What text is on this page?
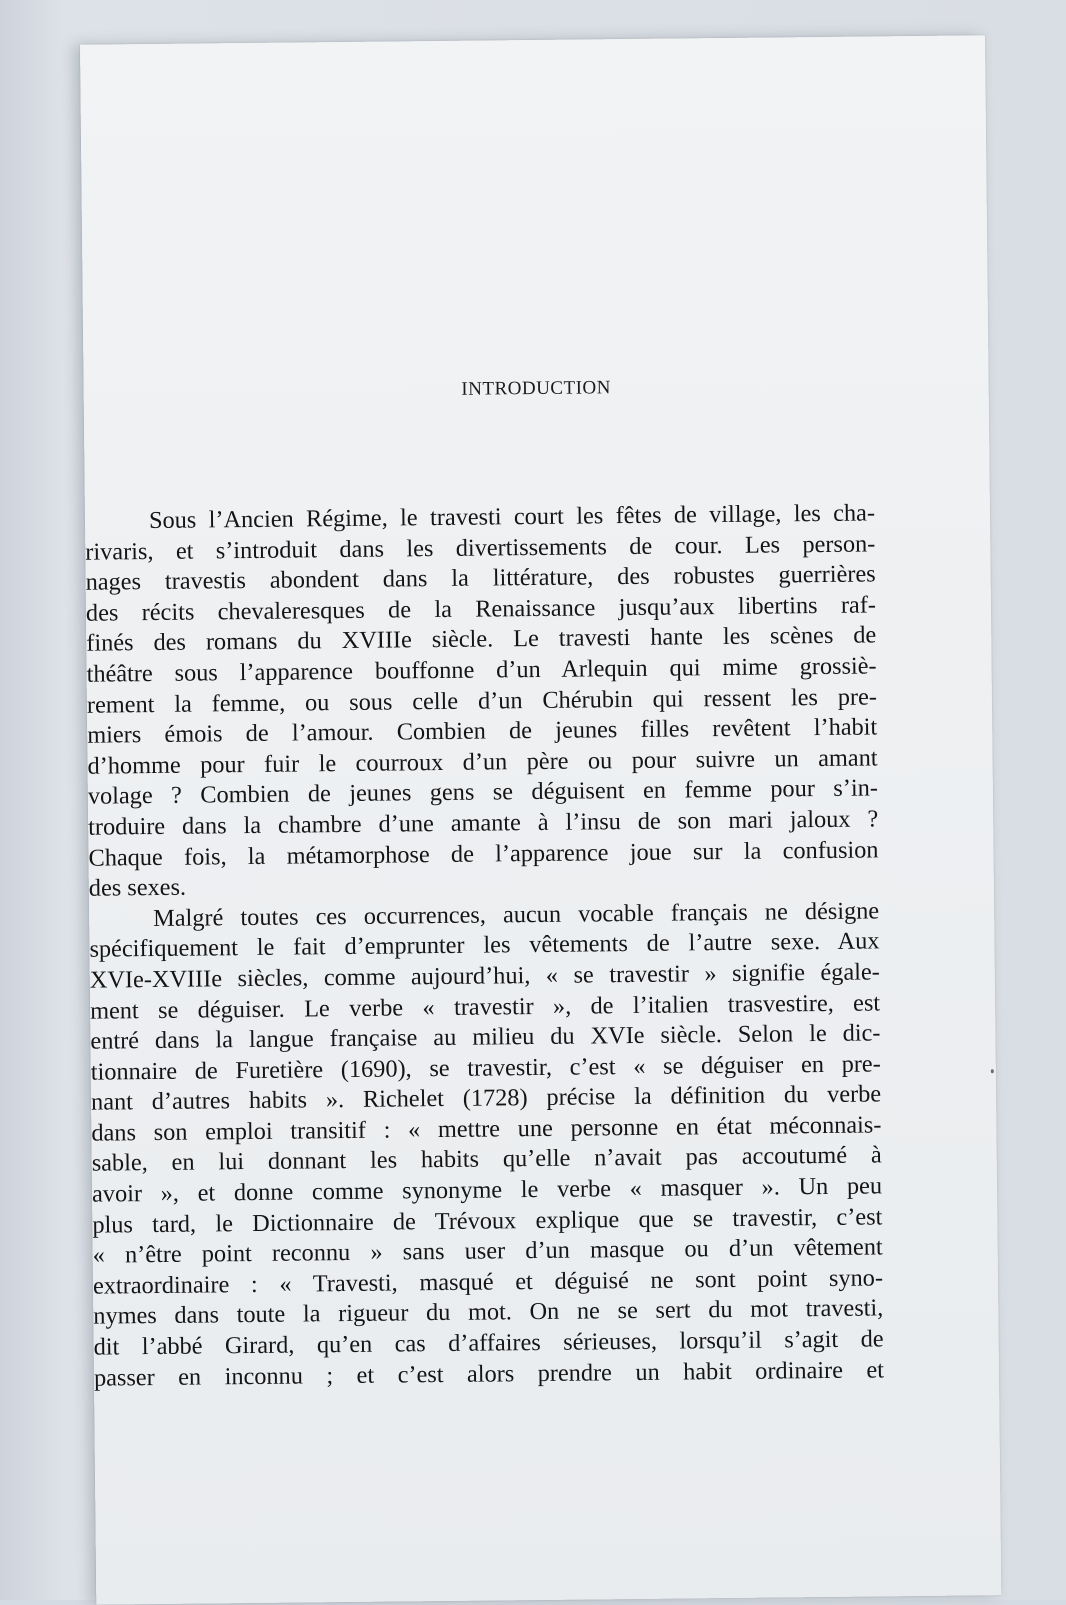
INTRODUCTION
Sous l’Ancien Régime, le travesti court les fêtes de village, les cha-
rivaris, et s’introduit dans les divertissements de cour. Les person-
nages travestis abondent dans la littérature, des robustes guerrières
des récits chevaleresques de la Renaissance jusqu’aux libertins raf-
finés des romans du XVIIIe siècle. Le travesti hante les scènes de
théâtre sous l’apparence bouffonne d’un Arlequin qui mime grossiè-
rement la femme, ou sous celle d’un Chérubin qui ressent les pre-
miers émois de l’amour. Combien de jeunes filles revêtent l’habit
d’homme pour fuir le courroux d’un père ou pour suivre un amant
volage ? Combien de jeunes gens se déguisent en femme pour s’in-
troduire dans la chambre d’une amante à l’insu de son mari jaloux ?
Chaque fois, la métamorphose de l’apparence joue sur la confusion
des sexes.
Malgré toutes ces occurrences, aucun vocable français ne désigne
spécifiquement le fait d’emprunter les vêtements de l’autre sexe. Aux
XVIe-XVIIIe siècles, comme aujourd’hui, « se travestir » signifie égale-
ment se déguiser. Le verbe « travestir », de l’italien trasvestire, est
entré dans la langue française au milieu du XVIe siècle. Selon le dic-
tionnaire de Furetière (1690), se travestir, c’est « se déguiser en pre-
nant d’autres habits ». Richelet (1728) précise la définition du verbe
dans son emploi transitif : « mettre une personne en état méconnais-
sable, en lui donnant les habits qu’elle n’avait pas accoutumé à
avoir », et donne comme synonyme le verbe « masquer ». Un peu
plus tard, le Dictionnaire de Trévoux explique que se travestir, c’est
« n’être point reconnu » sans user d’un masque ou d’un vêtement
extraordinaire : « Travesti, masqué et déguisé ne sont point syno-
nymes dans toute la rigueur du mot. On ne se sert du mot travesti,
dit l’abbé Girard, qu’en cas d’affaires sérieuses, lorsqu’il s’agit de
passer en inconnu ; et c’est alors prendre un habit ordinaire et
